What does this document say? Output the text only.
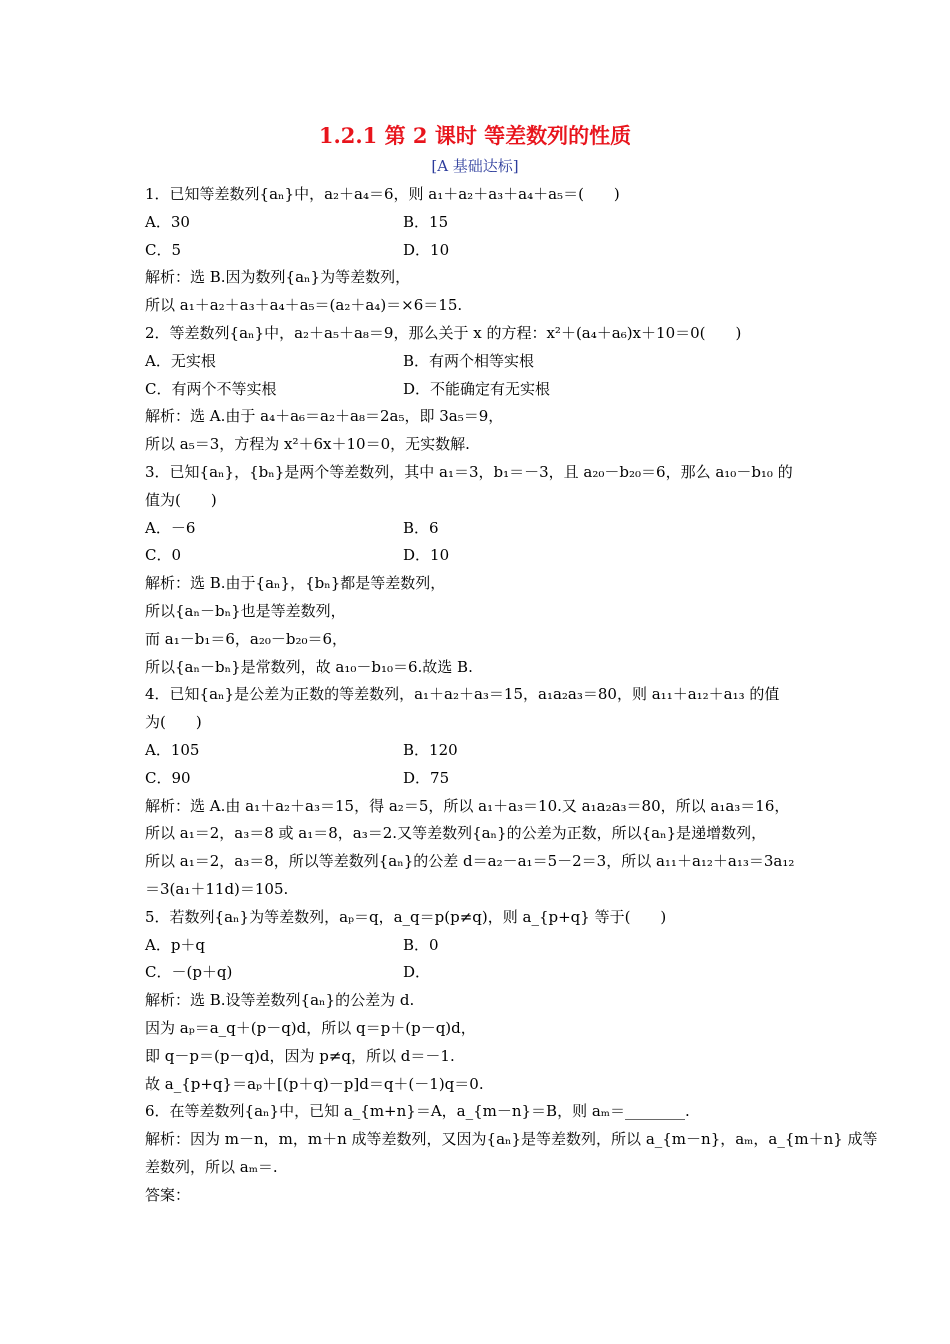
1.2.1 第 2 课时 等差数列的性质
[A 基础达标]
1．已知等差数列{aₙ}中，a₂＋a₄＝6，则 a₁＋a₂＋a₃＋a₄＋a₅＝(　　)
A．30	B．15
C．5	D．10
解析：选 B.因为数列{aₙ}为等差数列，
所以 a₁＋a₂＋a₃＋a₄＋a₅＝(a₂＋a₄)＝×6＝15.
2．等差数列{aₙ}中，a₂＋a₅＋a₈＝9，那么关于 x 的方程：x²＋(a₄＋a₆)x＋10＝0(　　)
A．无实根	B．有两个相等实根
C．有两个不等实根	D．不能确定有无实根
解析：选 A.由于 a₄＋a₆＝a₂＋a₈＝2a₅，即 3a₅＝9，
所以 a₅＝3，方程为 x²＋6x＋10＝0，无实数解.
3．已知{aₙ}，{bₙ}是两个等差数列，其中 a₁＝3，b₁＝－3，且 a₂₀－b₂₀＝6，那么 a₁₀－b₁₀ 的
值为(　　)
A．－6	B．6
C．0	D．10
解析：选 B.由于{aₙ}，{bₙ}都是等差数列，
所以{aₙ－bₙ}也是等差数列，
而 a₁－b₁＝6，a₂₀－b₂₀＝6，
所以{aₙ－bₙ}是常数列，故 a₁₀－b₁₀＝6.故选 B.
4．已知{aₙ}是公差为正数的等差数列，a₁＋a₂＋a₃＝15，a₁a₂a₃＝80，则 a₁₁＋a₁₂＋a₁₃ 的值
为(　　)
A．105	B．120
C．90	D．75
解析：选 A.由 a₁＋a₂＋a₃＝15，得 a₂＝5，所以 a₁＋a₃＝10.又 a₁a₂a₃＝80，所以 a₁a₃＝16，
所以 a₁＝2，a₃＝8 或 a₁＝8，a₃＝2.又等差数列{aₙ}的公差为正数，所以{aₙ}是递增数列，
所以 a₁＝2，a₃＝8，所以等差数列{aₙ}的公差 d＝a₂－a₁＝5－2＝3，所以 a₁₁＋a₁₂＋a₁₃＝3a₁₂
＝3(a₁＋11d)＝105.
5．若数列{aₙ}为等差数列，aₚ＝q，a_q＝p(p≠q)，则 a_{p+q} 等于(　　)
A．p＋q	B．0
C．－(p＋q)	D．
解析：选 B.设等差数列{aₙ}的公差为 d.
因为 aₚ＝a_q＋(p－q)d，所以 q＝p＋(p－q)d，
即 q－p＝(p－q)d，因为 p≠q，所以 d＝－1.
故 a_{p+q}＝aₚ＋[(p＋q)－p]d＝q＋(－1)q＝0.
6．在等差数列{aₙ}中，已知 a_{m+n}＝A，a_{m－n}＝B，则 aₘ＝________.
解析：因为 m－n，m，m＋n 成等差数列，又因为{aₙ}是等差数列，所以 a_{m－n}，aₘ，a_{m＋n} 成等
差数列，所以 aₘ＝.
答案：
